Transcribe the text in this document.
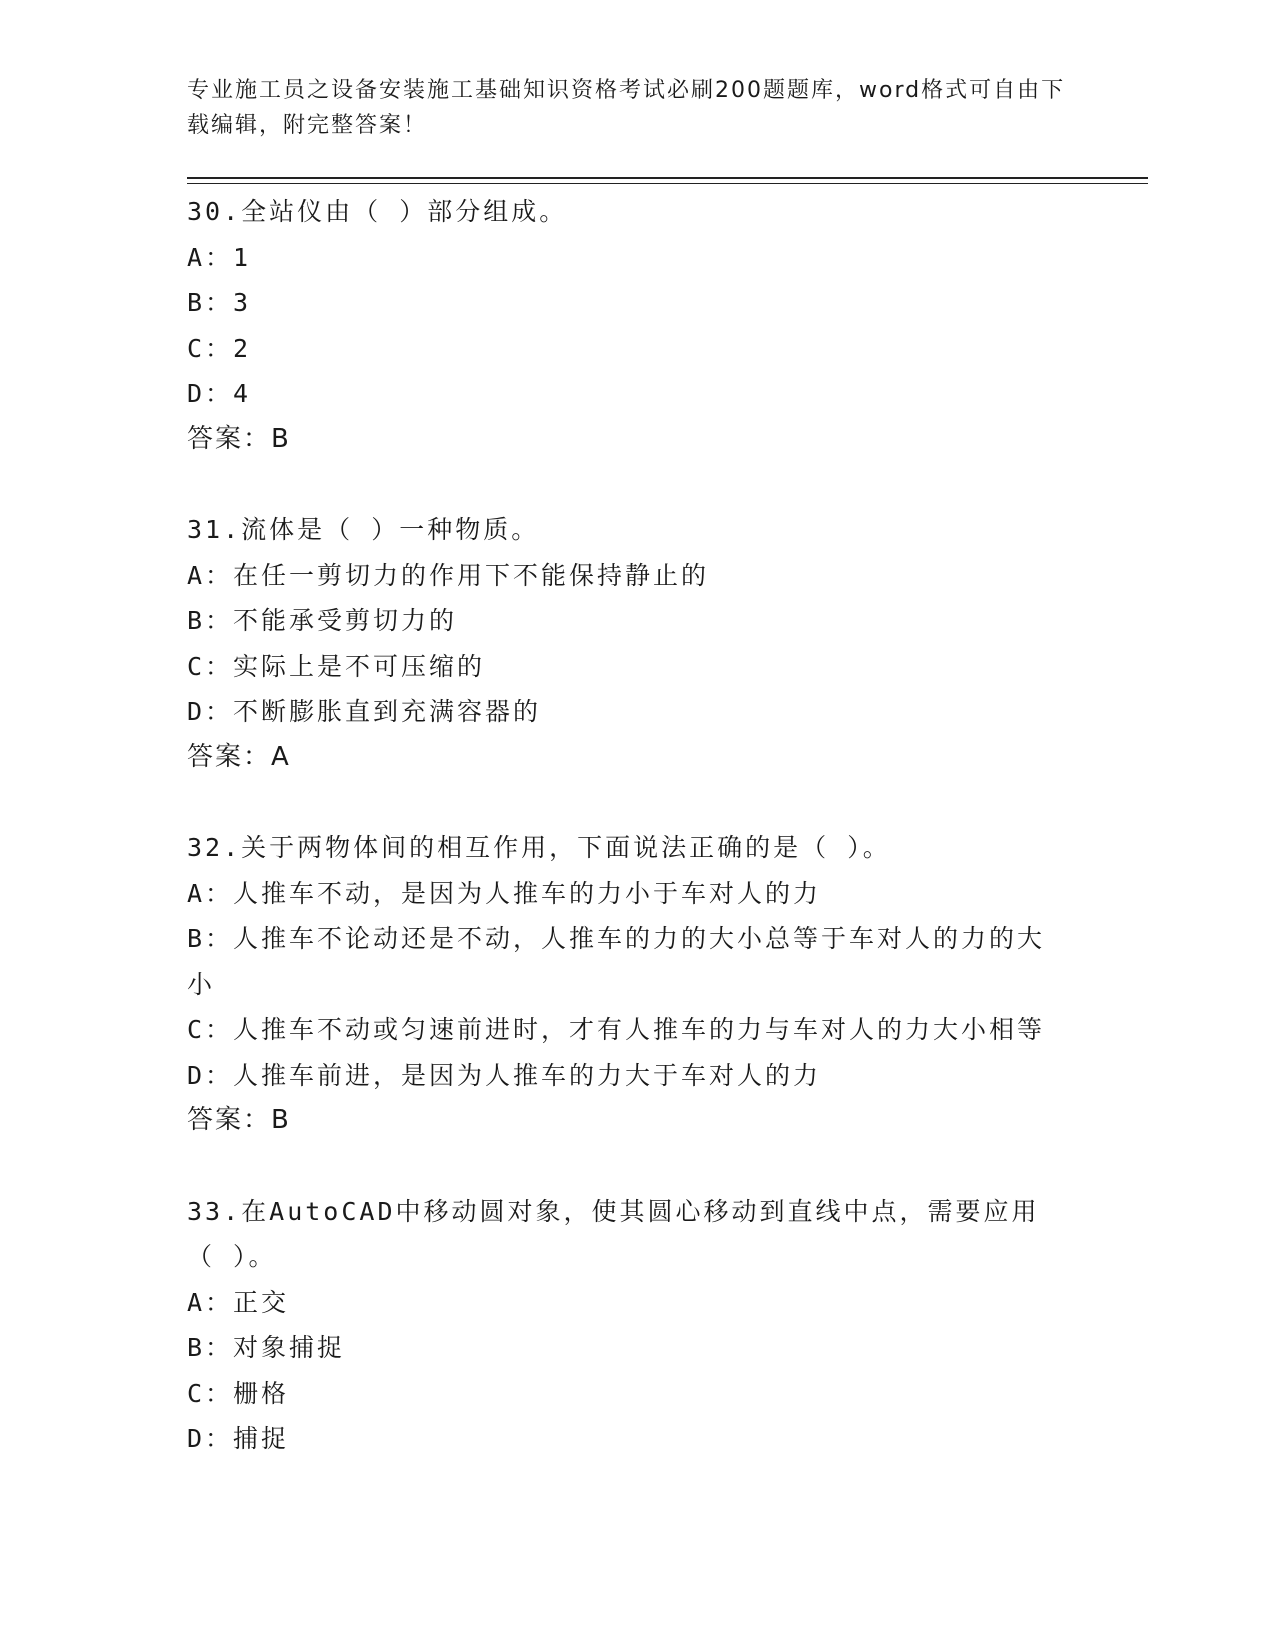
专业施工员之设备安装施工基础知识资格考试必刷200题题库，word格式可自由下载编辑，附完整答案！

30.全站仪由（ ）部分组成。

A：1

B：3

C：2

D：4

答案：B

31.流体是（ ）一种物质。

A：在任一剪切力的作用下不能保持静止的

B：不能承受剪切力的

C：实际上是不可压缩的

D：不断膨胀直到充满容器的

答案：A

32.关于两物体间的相互作用，下面说法正确的是（ ）。

A：人推车不动，是因为人推车的力小于车对人的力

B：人推车不论动还是不动，人推车的力的大小总等于车对人的力的大小

C：人推车不动或匀速前进时，才有人推车的力与车对人的力大小相等

D：人推车前进，是因为人推车的力大于车对人的力

答案：B

33.在AutoCAD中移动圆对象，使其圆心移动到直线中点，需要应用（ ）。

A：正交

B：对象捕捉

C：栅格

D：捕捉
